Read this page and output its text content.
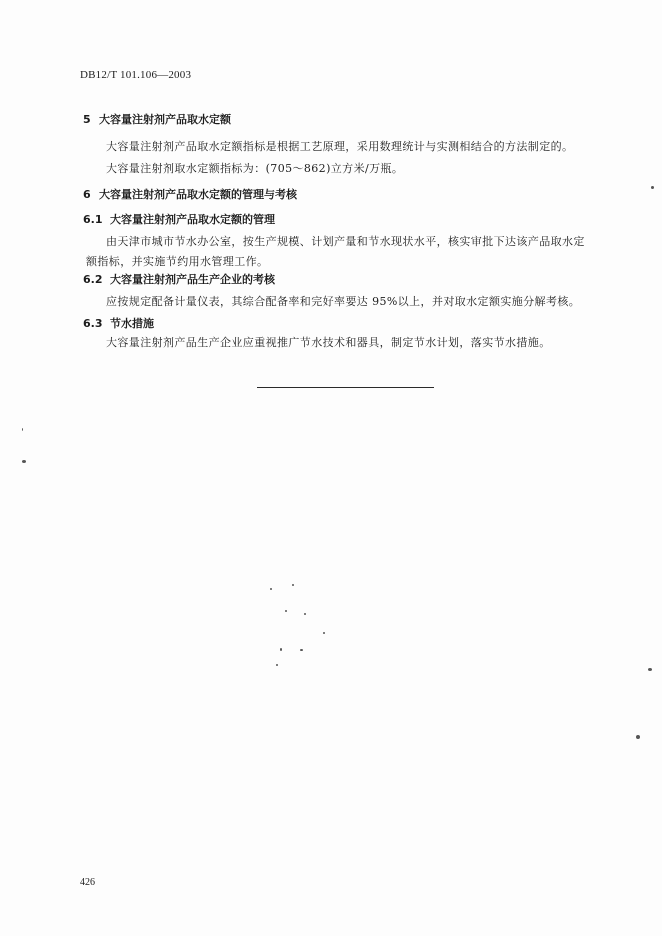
DB12/T 101.106—2003
5 大容量注射剂产品取水定额
大容量注射剂产品取水定额指标是根据工艺原理，采用数理统计与实测相结合的方法制定的。
大容量注射剂取水定额指标为：(705～862)立方米/万瓶。
6 大容量注射剂产品取水定额的管理与考核
6.1 大容量注射剂产品取水定额的管理
由天津市城市节水办公室，按生产规模、计划产量和节水现状水平，核实审批下达该产品取水定
额指标，并实施节约用水管理工作。
6.2 大容量注射剂产品生产企业的考核
应按规定配备计量仪表，其综合配备率和完好率要达 95%以上，并对取水定额实施分解考核。
6.3 节水措施
大容量注射剂产品生产企业应重视推广节水技术和器具，制定节水计划，落实节水措施。
426
